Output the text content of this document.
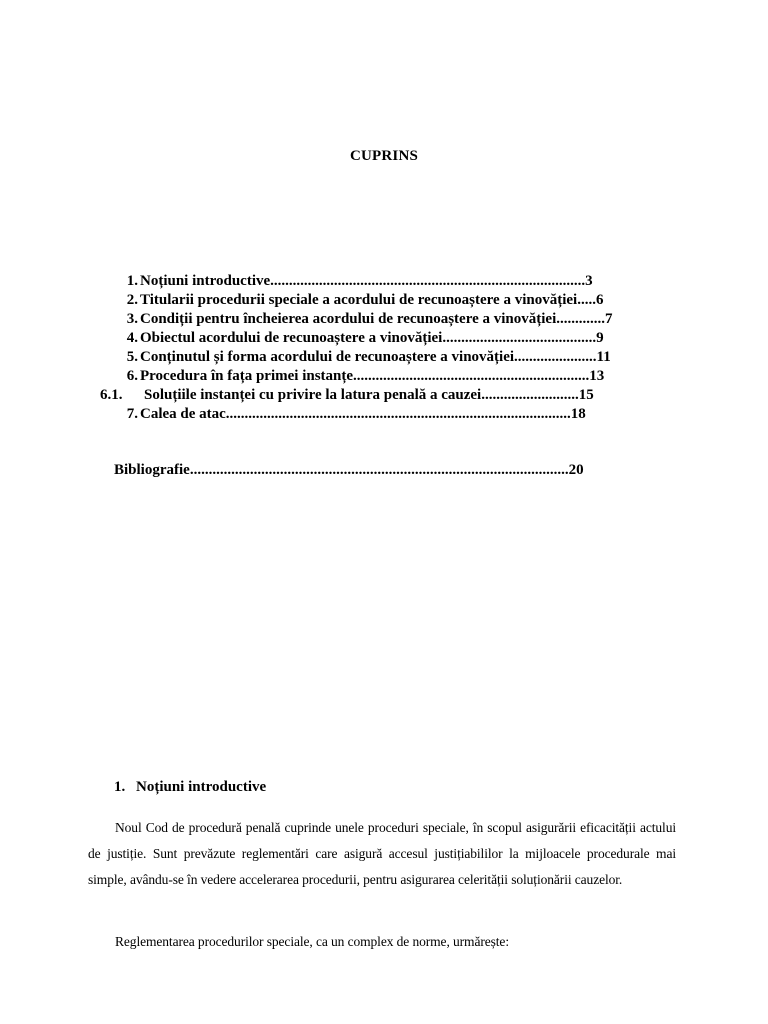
CUPRINS
1. Noțiuni introductive....................................................................................3
2. Titularii procedurii speciale a acordului de recunoaștere a vinovăției.....6
3. Condiții pentru încheierea acordului de recunoaștere a vinovăției.............7
4. Obiectul acordului de recunoaștere a vinovăției.........................................9
5. Conținutul și forma acordului de recunoaștere a vinovăției......................11
6. Procedura în fața primei instanțe...............................................................13
6.1.	Soluțiile instanței cu privire la latura penală a cauzei..........................15
7. Calea de atac............................................................................................18
Bibliografie.....................................................................................................20
1. Noțiuni introductive

Noul Cod de procedură penală cuprinde unele proceduri speciale, în scopul asigurării eficacității actului de justiție. Sunt prevăzute reglementări care asigură accesul justițiabililor la mijloacele procedurale mai simple, avându-se în vedere accelerarea procedurii, pentru asigurarea celerității soluționării cauzelor.

Reglementarea procedurilor speciale, ca un complex de norme, urmărește:
